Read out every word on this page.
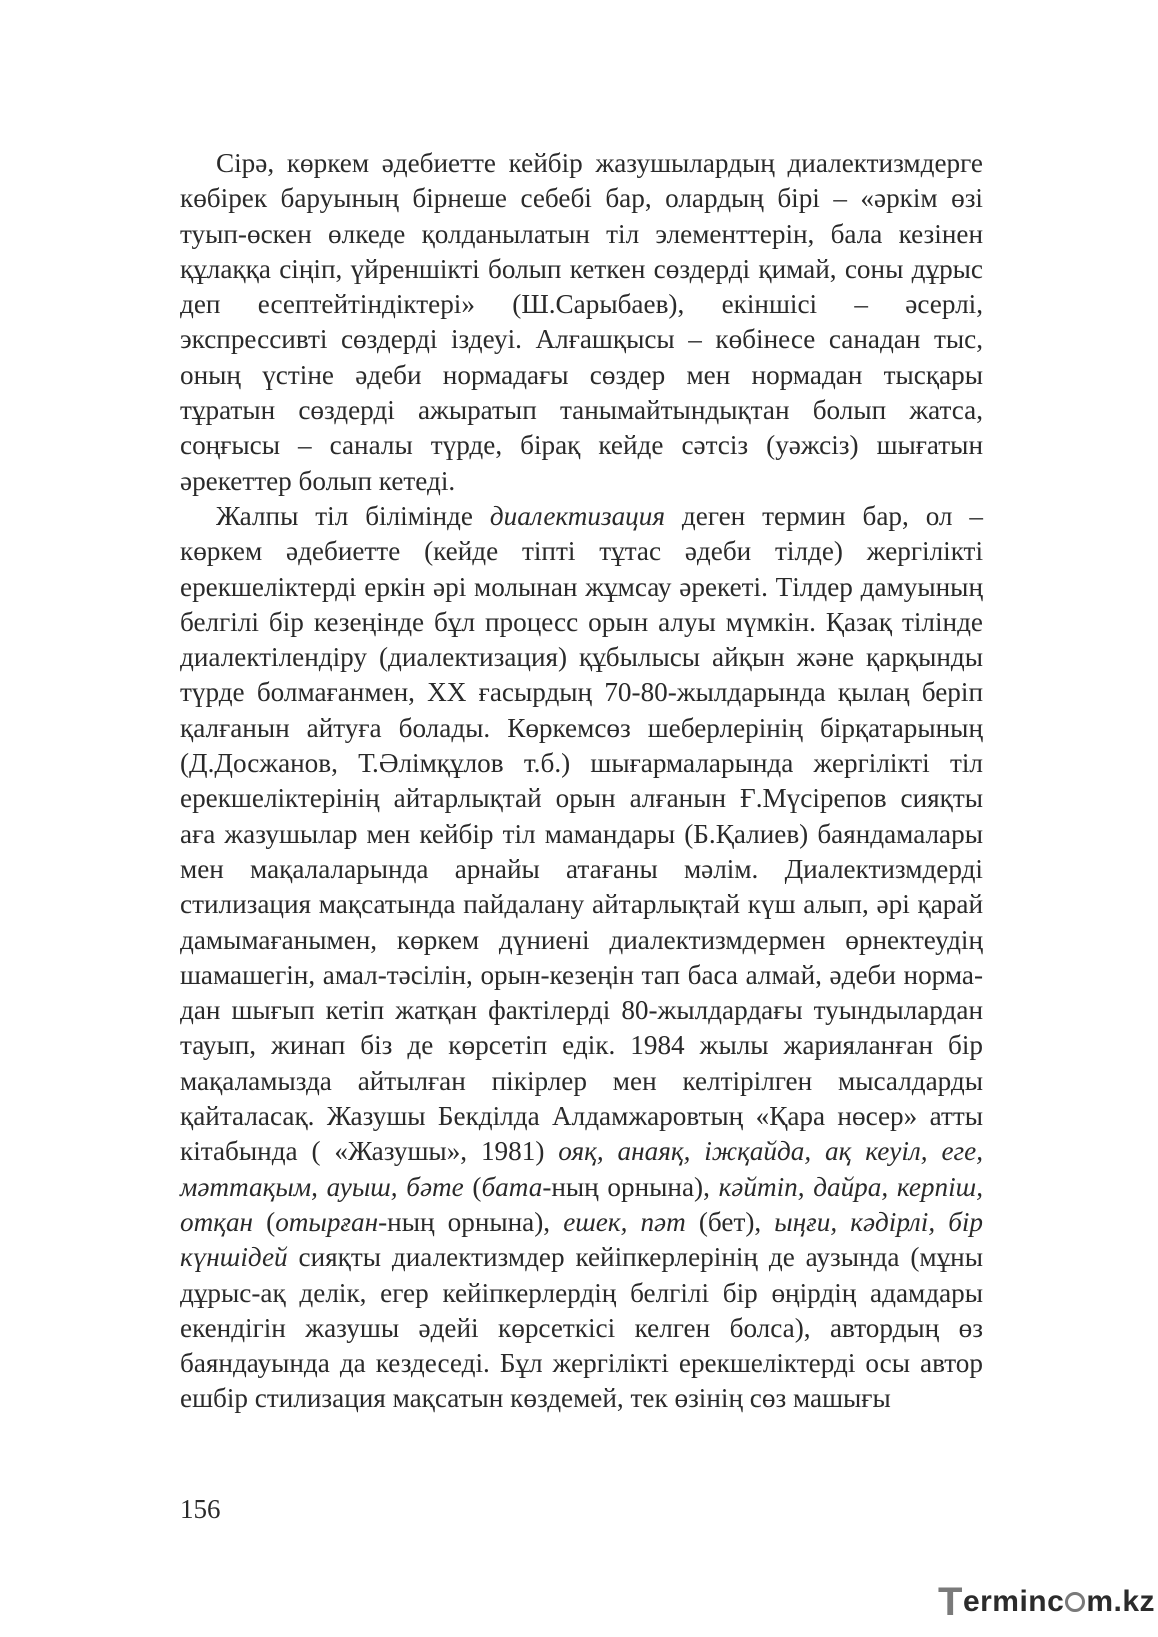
Сірә, көркем әдебиетте кейбір жазушылардың диалектизмдерге көбірек баруының бірнеше себебі бар, олардың бірі – «әркім өзі туып-өскен өлкеде қолданылатын тіл элементтерін, бала кезінен құлаққа сіңіп, үйреншікті болып кеткен сөздерді қимай, соны дұрыс деп есептейтіндіктері» (Ш.Сарыбаев), екіншісі – әсерлі, экспрессивті сөздерді іздеуі. Алғашқысы – көбінесе санадан тыс, оның үстіне әдеби нормадағы сөздер мен нормадан тысқары тұратын сөздерді ажыратып танымайтындықтан болып жатса, соңғысы – саналы түрде, бірақ кейде сәтсіз (уәжсіз) шығатын әрекеттер болып кетеді.

Жалпы тіл білімінде диалектизация деген термин бар, ол – көркем әдебиетте (кейде тіпті тұтас әдеби тілде) жергілікті ерекшеліктерді еркін әрі молынан жұмсау әрекеті. Тілдер дамуының белгілі бір кезеңінде бұл процесс орын алуы мүмкін. Қазақ тілінде диалектілендіру (диалектизация) құбылысы айқын және қарқынды түрде болмағанмен, ХХ ғасырдың 70-80-жылдарында қылаң беріп қалғанын айтуға болады. Көркемсөз шеберлерінің бірқатарының (Д.Досжанов, Т.Әлімқұлов т.б.) шығармаларында жергілікті тіл ерекшеліктерінің айтарлықтай орын алғанын Ғ.Мүсірепов сияқты аға жазушылар мен кейбір тіл мамандары (Б.Қалиев) баяндамалары мен мақалаларында арнайы атағаны мәлім. Диалектизмдерді стилизация мақсатында пайдалану айтарлықтай күш алып, әрі қарай дамымағанымен, көркем дүниені диалектизмдермен өрнектеудің шамашегін, амал-тәсілін, орын-кезеңін тап баса алмай, әдеби нормадан шығып кетіп жатқан фактілерді 80-жылдардағы туындылардан тауып, жинап біз де көрсетіп едік. 1984 жылы жарияланған бір мақаламызда айтылған пікірлер мен келтірілген мысалдарды қайталасақ. Жазушы Бекділда Алдамжаровтың «Қара нөсер» атты кітабында ( «Жазушы», 1981) ояқ, анаяқ, іжқайда, ақ кеуіл, еге, мәттақым, ауыш, бәте (бата-ның орнына), кәйтіп, дайра, керпіш, отқан (отырған-ның орнына), ешек, пәт (бет), ыңғи, кәдірлі, бір күншідей сияқты диалектизмдер кейіпкерлерінің де аузында (мұны дұрыс-ақ делік, егер кейіпкерлердің белгілі бір өңірдің адамдары екендігін жазушы әдейі көрсеткісі келген болса), автордың өз баяндауында да кездеседі. Бұл жергілікті ерекшеліктерді осы автор ешбір стилизация мақсатын көздемей, тек өзінің сөз машығы

156
Terminc m.kz
